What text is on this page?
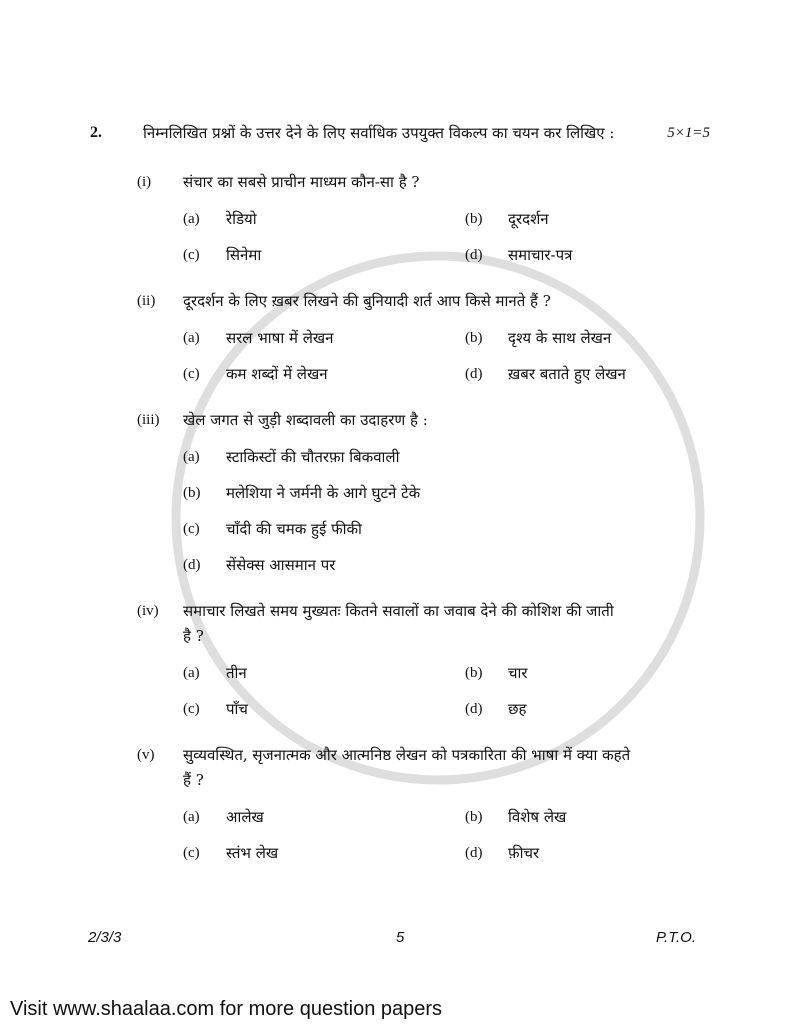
2.	निम्नलिखित प्रश्नों के उत्तर देने के लिए सर्वाधिक उपयुक्त विकल्प का चयन कर लिखिए :	5×1=5
(i)	संचार का सबसे प्राचीन माध्यम कौन-सा है ?
(a)	रेडियो	(b)	दूरदर्शन
(c)	सिनेमा	(d)	समाचार-पत्र
(ii)	दूरदर्शन के लिए ख़बर लिखने की बुनियादी शर्त आप किसे मानते हैं ?
(a)	सरल भाषा में लेखन	(b)	दृश्य के साथ लेखन
(c)	कम शब्दों में लेखन	(d)	ख़बर बताते हुए लेखन
(iii)	खेल जगत से जुड़ी शब्दावली का उदाहरण है :
(a)	स्टाकिस्टों की चौतरफ़ा बिकवाली
(b)	मलेशिया ने जर्मनी के आगे घुटने टेके
(c)	चाँदी की चमक हुई फीकी
(d)	सेंसेक्स आसमान पर
(iv)	समाचार लिखते समय मुख्यतः कितने सवालों का जवाब देने की कोशिश की जाती
है ?
(a)	तीन	(b)	चार
(c)	पाँच	(d)	छह
(v)	सुव्यवस्थित, सृजनात्मक और आत्मनिष्ठ लेखन को पत्रकारिता की भाषा में क्या कहते
हैं ?
(a)	आलेख	(b)	विशेष लेख
(c)	स्तंभ लेख	(d)	फ़ीचर
2/3/3	5	P.T.O.
Visit www.shaalaa.com for more question papers
